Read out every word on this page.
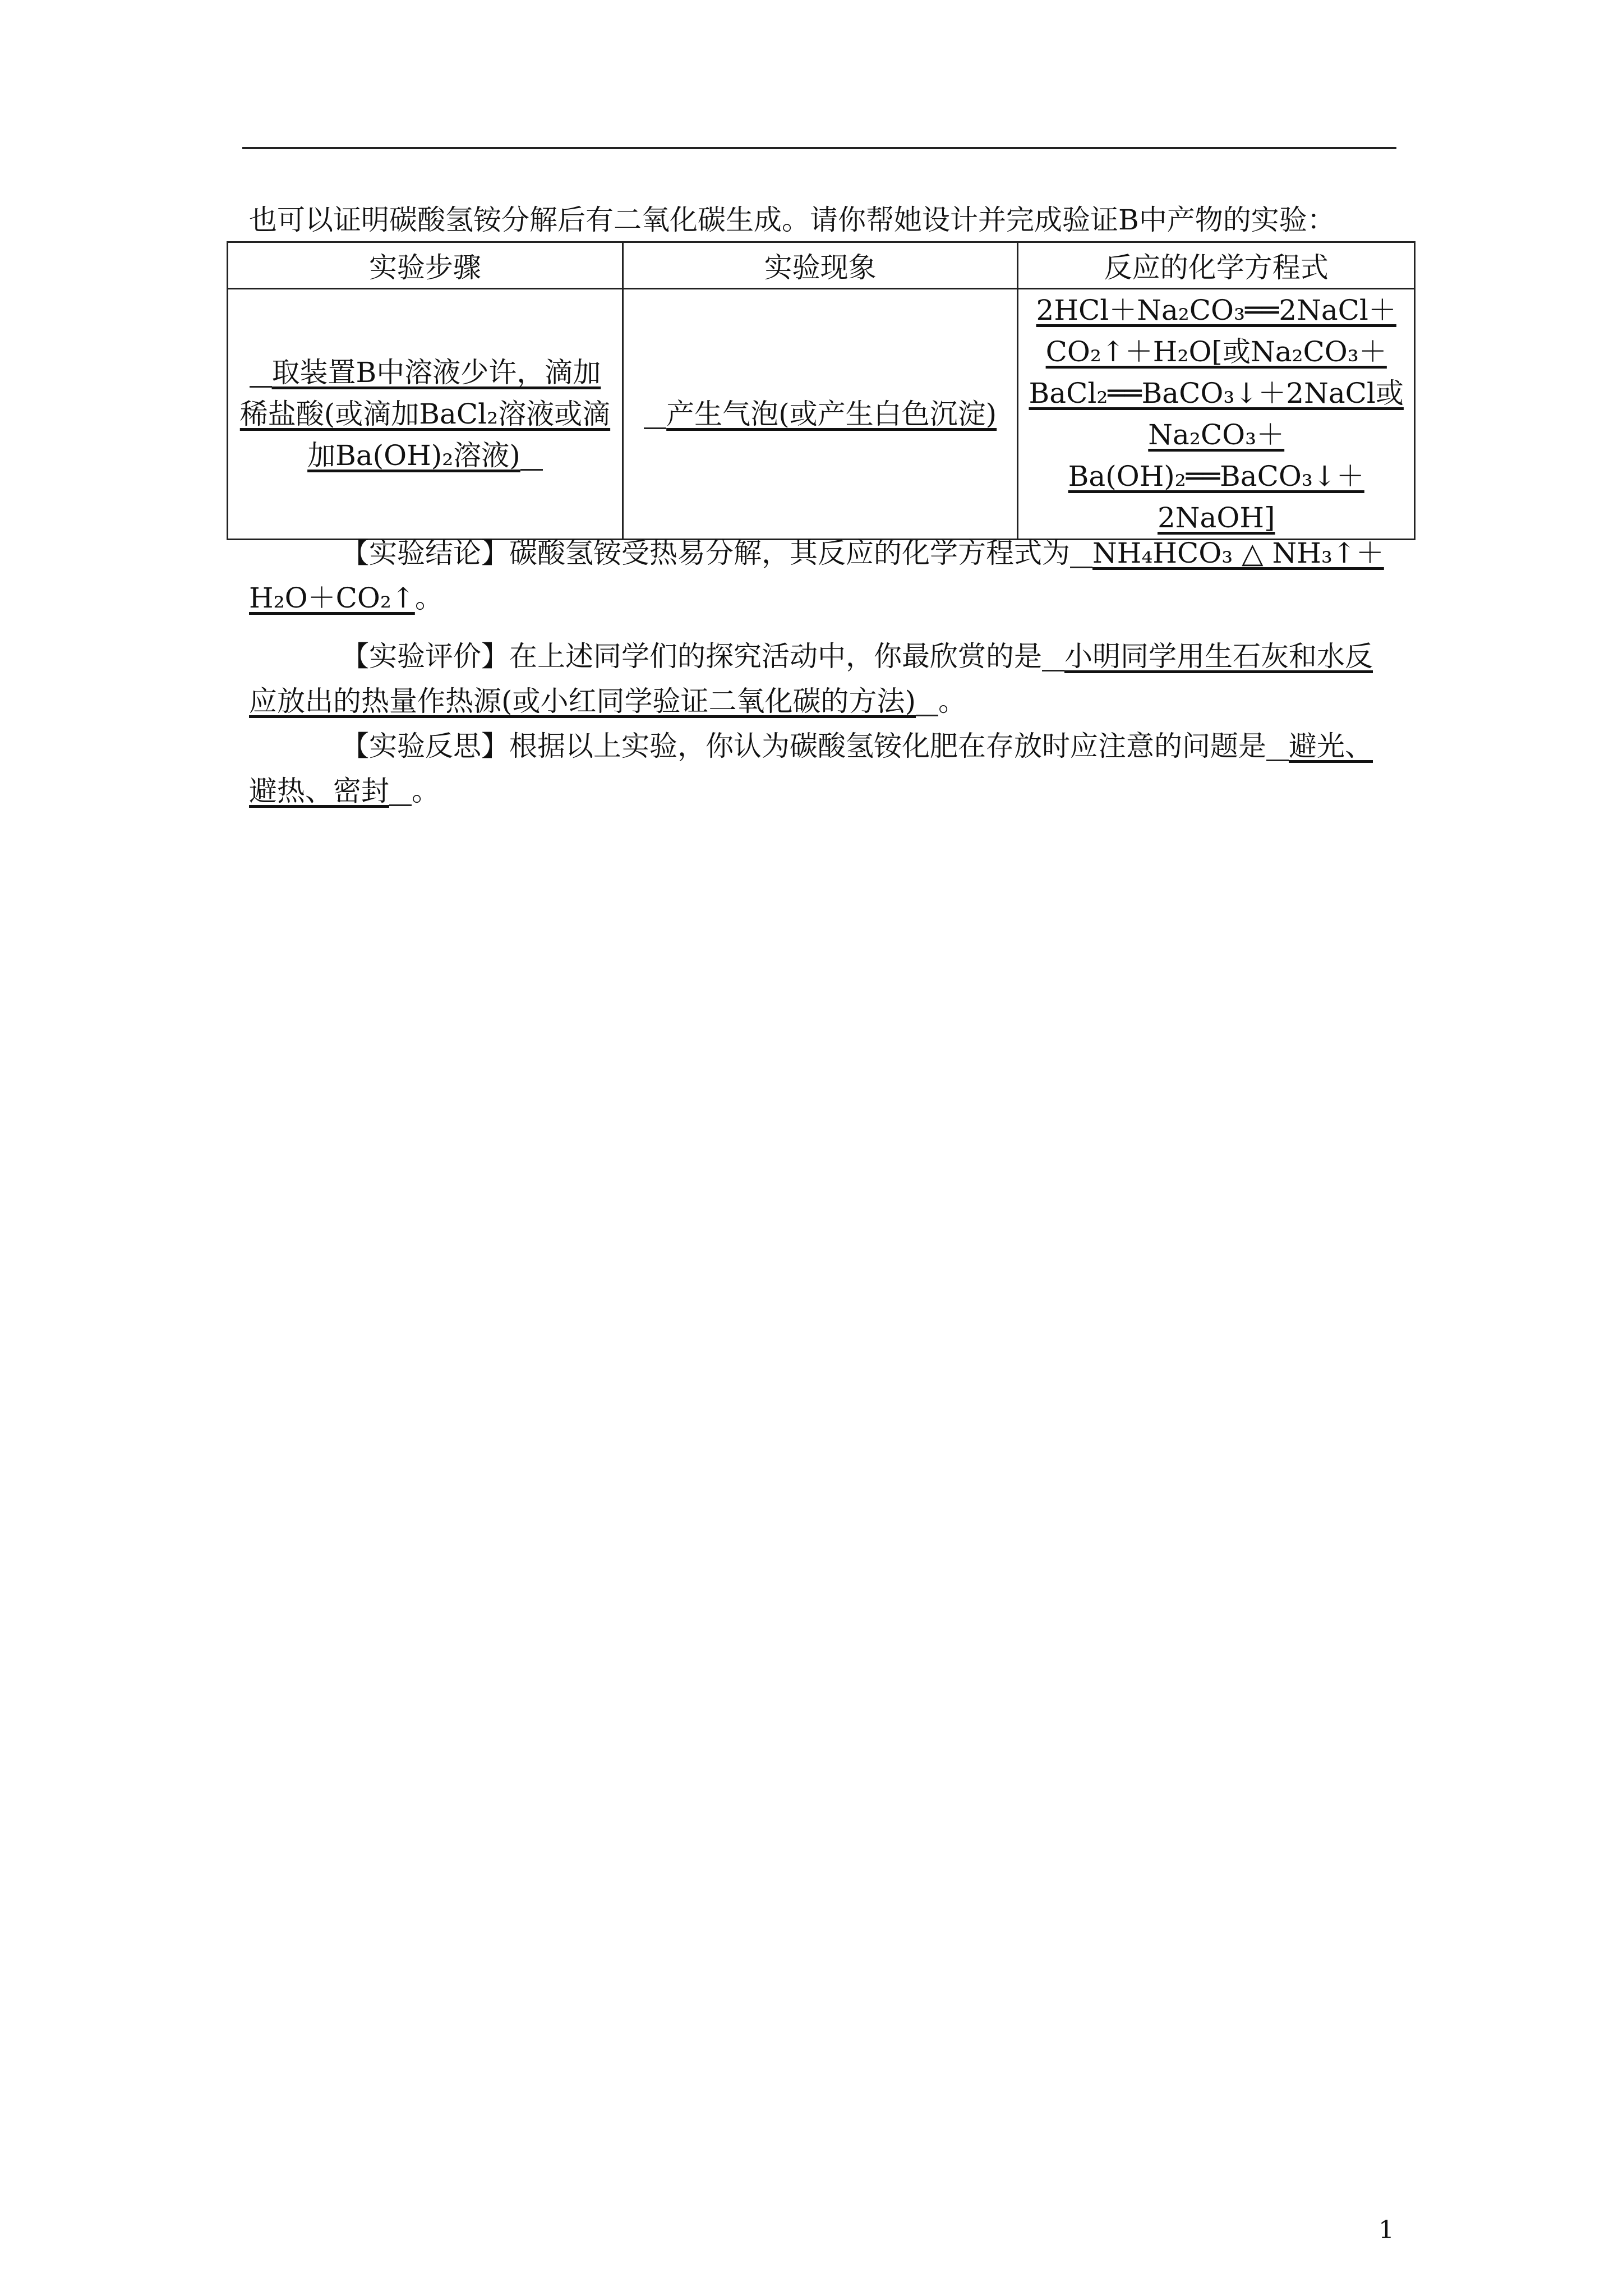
也可以证明碳酸氢铵分解后有二氧化碳生成。请你帮她设计并完成验证B中产物的实验：
实验步骤	实验现象	反应的化学方程式
取装置B中溶液少许，滴加稀盐酸(或滴加BaCl₂溶液或滴加Ba(OH)₂溶液)	产生气泡(或产生白色沉淀)	2HCl＋Na₂CO₃══2NaCl＋CO₂↑＋H₂O[或Na₂CO₃＋BaCl₂══BaCO₃↓＋2NaCl或Na₂CO₃＋Ba(OH)₂══BaCO₃↓＋2NaOH]
【实验结论】碳酸氢铵受热易分解，其反应的化学方程式为 NH₄HCO₃ △ NH₃↑＋H₂O＋CO₂↑。
【实验评价】在上述同学们的探究活动中，你最欣赏的是 小明同学用生石灰和水反应放出的热量作热源(或小红同学验证二氧化碳的方法) 。
【实验反思】根据以上实验，你认为碳酸氢铵化肥在存放时应注意的问题是 避光、避热、密封 。
1
